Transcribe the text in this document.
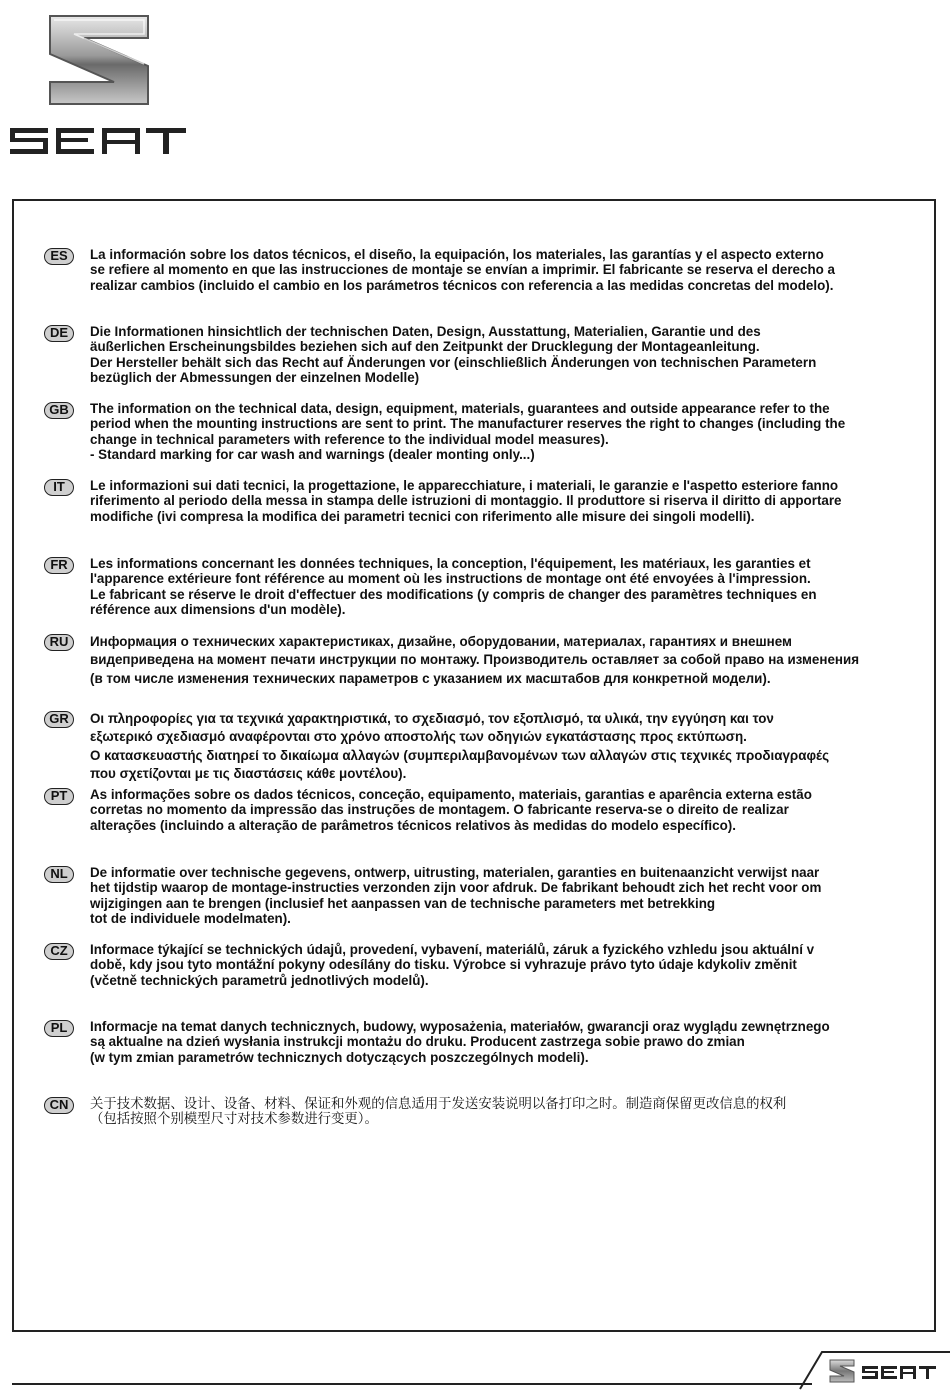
ES	La información sobre los datos técnicos, el diseño, la equipación, los materiales, las garantías y el aspecto externo
se refiere al momento en que las instrucciones de montaje se envían a imprimir. El fabricante se reserva el derecho a
realizar cambios (incluido el cambio en los parámetros técnicos con referencia a las medidas concretas del modelo).

DE	Die Informationen hinsichtlich der technischen Daten, Design, Ausstattung, Materialien, Garantie und des
äußerlichen Erscheinungsbildes beziehen sich auf den Zeitpunkt der Drucklegung der Montageanleitung.
Der Hersteller behält sich das Recht auf Änderungen vor (einschließlich Änderungen von technischen Parametern
bezüglich der Abmessungen der einzelnen Modelle)

GB	The information on the technical data, design, equipment, materials, guarantees and outside appearance refer to the
period when the mounting instructions are sent to print. The manufacturer reserves the right to changes (including the
change in technical parameters with reference to the individual model measures).
- Standard marking for car wash and warnings (dealer monting only...)

IT	Le informazioni sui dati tecnici, la progettazione, le apparecchiature, i materiali, le garanzie e l'aspetto esteriore fanno
riferimento al periodo della messa in stampa delle istruzioni di montaggio. Il produttore si riserva il diritto di apportare
modifiche (ivi compresa la modifica dei parametri tecnici con riferimento alle misure dei singoli modelli).

FR	Les informations concernant les données techniques, la conception, l'équipement, les matériaux, les garanties et
l'apparence extérieure font référence au moment où les instructions de montage ont été envoyées à l'impression.
Le fabricant se réserve le droit d'effectuer des modifications (y compris de changer des paramètres techniques en
référence aux dimensions d'un modèle).

RU	Информация о технических характеристиках, дизайне, оборудовании, материалах, гарантиях и внешнем
видеприведена на момент печати инструкции по монтажу. Производитель оставляет за собой право на изменения
(в том числе изменения технических параметров с указанием их масштабов для конкретной модели).

GR	Οι πληροφορίες για τα τεχνικά χαρακτηριστικά, το σχεδιασμό, τον εξοπλισμό, τα υλικά, την εγγύηση και τον
εξωτερικό σχεδιασμό αναφέρονται στο χρόνο αποστολής των οδηγιών εγκατάστασης προς εκτύπωση.
Ο κατασκευαστής διατηρεί το δικαίωμα αλλαγών (συμπεριλαμβανομένων των αλλαγών στις τεχνικές προδιαγραφές
που σχετίζονται με τις διαστάσεις κάθε μοντέλου).

PT	As informações sobre os dados técnicos, conceção, equipamento, materiais, garantias e aparência externa estão
corretas no momento da impressão das instruções de montagem. O fabricante reserva-se o direito de realizar
alterações (incluindo a alteração de parâmetros técnicos relativos às medidas do modelo específico).

NL	De informatie over technische gegevens, ontwerp, uitrusting, materialen, garanties en buitenaanzicht verwijst naar
het tijdstip waarop de montage-instructies verzonden zijn voor afdruk. De fabrikant behoudt zich het recht voor om
wijzigingen aan te brengen (inclusief het aanpassen van de technische parameters met betrekking
tot de individuele modelmaten).

CZ	Informace týkající se technických údajů, provedení, vybavení, materiálů, záruk a fyzického vzhledu jsou aktuální v
době, kdy jsou tyto montážní pokyny odesílány do tisku. Výrobce si vyhrazuje právo tyto údaje kdykoliv změnit
(včetně technických parametrů jednotlivých modelů).

PL	Informacje na temat danych technicznych, budowy, wyposażenia, materiałów, gwarancji oraz wyglądu zewnętrznego
są aktualne na dzień wysłania instrukcji montażu do druku. Producent zastrzega sobie prawo do zmian
(w tym zmian parametrów technicznych dotyczących poszczególnych modeli).

CN	关于技术数据、设计、设备、材料、保证和外观的信息适用于发送安装说明以备打印之时。制造商保留更改信息的权利
（包括按照个别模型尺寸对技术参数进行变更）。
